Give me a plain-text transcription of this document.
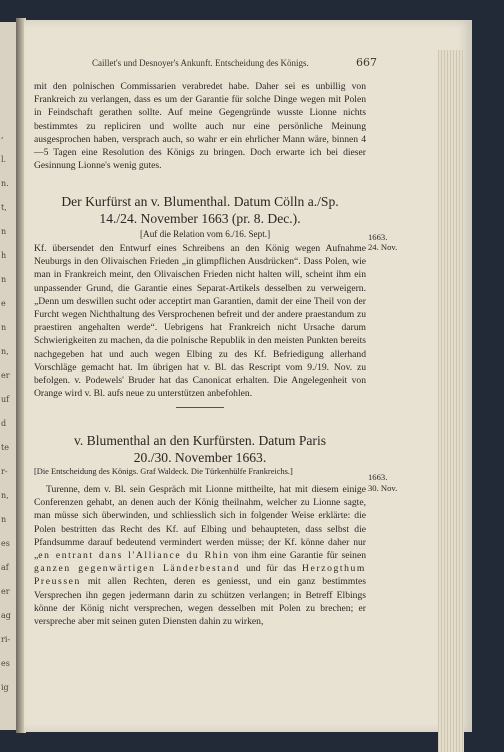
,
l.
n.
t,
n
h
n
e
n
n,
er
uf
d
te
r-
n,
n
es
af
er
ag
ri-
es
ig
Caillet's und Desnoyer's Ankunft. Entscheidung des Königs.	667

mit den polnischen Commissarien verabredet habe. Daher sei es unbillig von Frankreich zu verlangen, dass es um der Garantie für solche Dinge wegen mit Polen in Feindschaft gerathen sollte. Auf meine Gegengründe wusste Lionne nichts bestimmtes zu repliciren und wollte auch nur eine persönliche Meinung ausgesprochen haben, versprach auch, so wahr er ein ehrlicher Mann wäre, binnen 4—5 Tagen eine Resolution des Königs zu bringen. Doch erwarte ich bei dieser Gesinnung Lionne's wenig gutes.

Der Kurfürst an v. Blumenthal. Datum Cölln a./Sp.
14./24. November 1663 (pr. 8. Dec.).

[Auf die Relation vom 6./16. Sept.]	1663.
24. Nov.

Kf. übersendet den Entwurf eines Schreibens an den König wegen Aufnahme Neuburgs in den Olivaischen Frieden „in glimpflichen Ausdrücken“. Dass Polen, wie man in Frankreich meint, den Olivaischen Frieden nicht halten will, scheint ihm ein unpassender Grund, die Garantie eines Separat-Artikels desselben zu verweigern. „Denn um deswillen sucht oder acceptirt man Garantien, damit der eine Theil von der Furcht wegen Nichthaltung des Versprochenen befreit und der andere praestandum zu praestiren angehalten werde“. Uebrigens hat Frankreich nicht Ursache darum Schwierigkeiten zu machen, da die polnische Republik in den meisten Punkten bereits nachgegeben hat und auch wegen Elbing zu des Kf. Befriedigung allerhand Vorschläge gemacht hat. Im übrigen hat v. Bl. das Rescript vom 9./19. Nov. zu befolgen. v. Podewels' Bruder hat das Canonicat erhalten. Die Angelegenheit von Orange wird v. Bl. aufs neue zu unterstützen anbefohlen.

v. Blumenthal an den Kurfürsten. Datum Paris
20./30. November 1663.

[Die Entscheidung des Königs. Graf Waldeck. Die Türkenhülfe Frankreichs.]

1663.
30. Nov.

Turenne, dem v. Bl. sein Gespräch mit Lionne mittheilte, hat mit diesem einige Conferenzen gehabt, an denen auch der König theilnahm, welcher zu Lionne sagte, man müsse sich überwinden, und schliesslich sich in folgender Weise erklärte: die Polen bestritten das Recht des Kf. auf Elbing und behaupteten, dass selbst die Pfandsumme darauf bedeutend vermindert werden müsse; der Kf. könne daher nur „en entrant dans l'Alliance du Rhin von ihm eine Garantie für seinen ganzen gegenwärtigen Länderbestand und für das Herzogthum Preussen mit allen Rechten, deren es geniesst, und ein ganz bestimmtes Versprechen ihn gegen jedermann darin zu schützen verlangen; in Betreff Elbings könne der König nicht versprechen, wegen desselben mit Polen zu brechen; er verspreche aber mit seinen guten Diensten dahin zu wirken,
